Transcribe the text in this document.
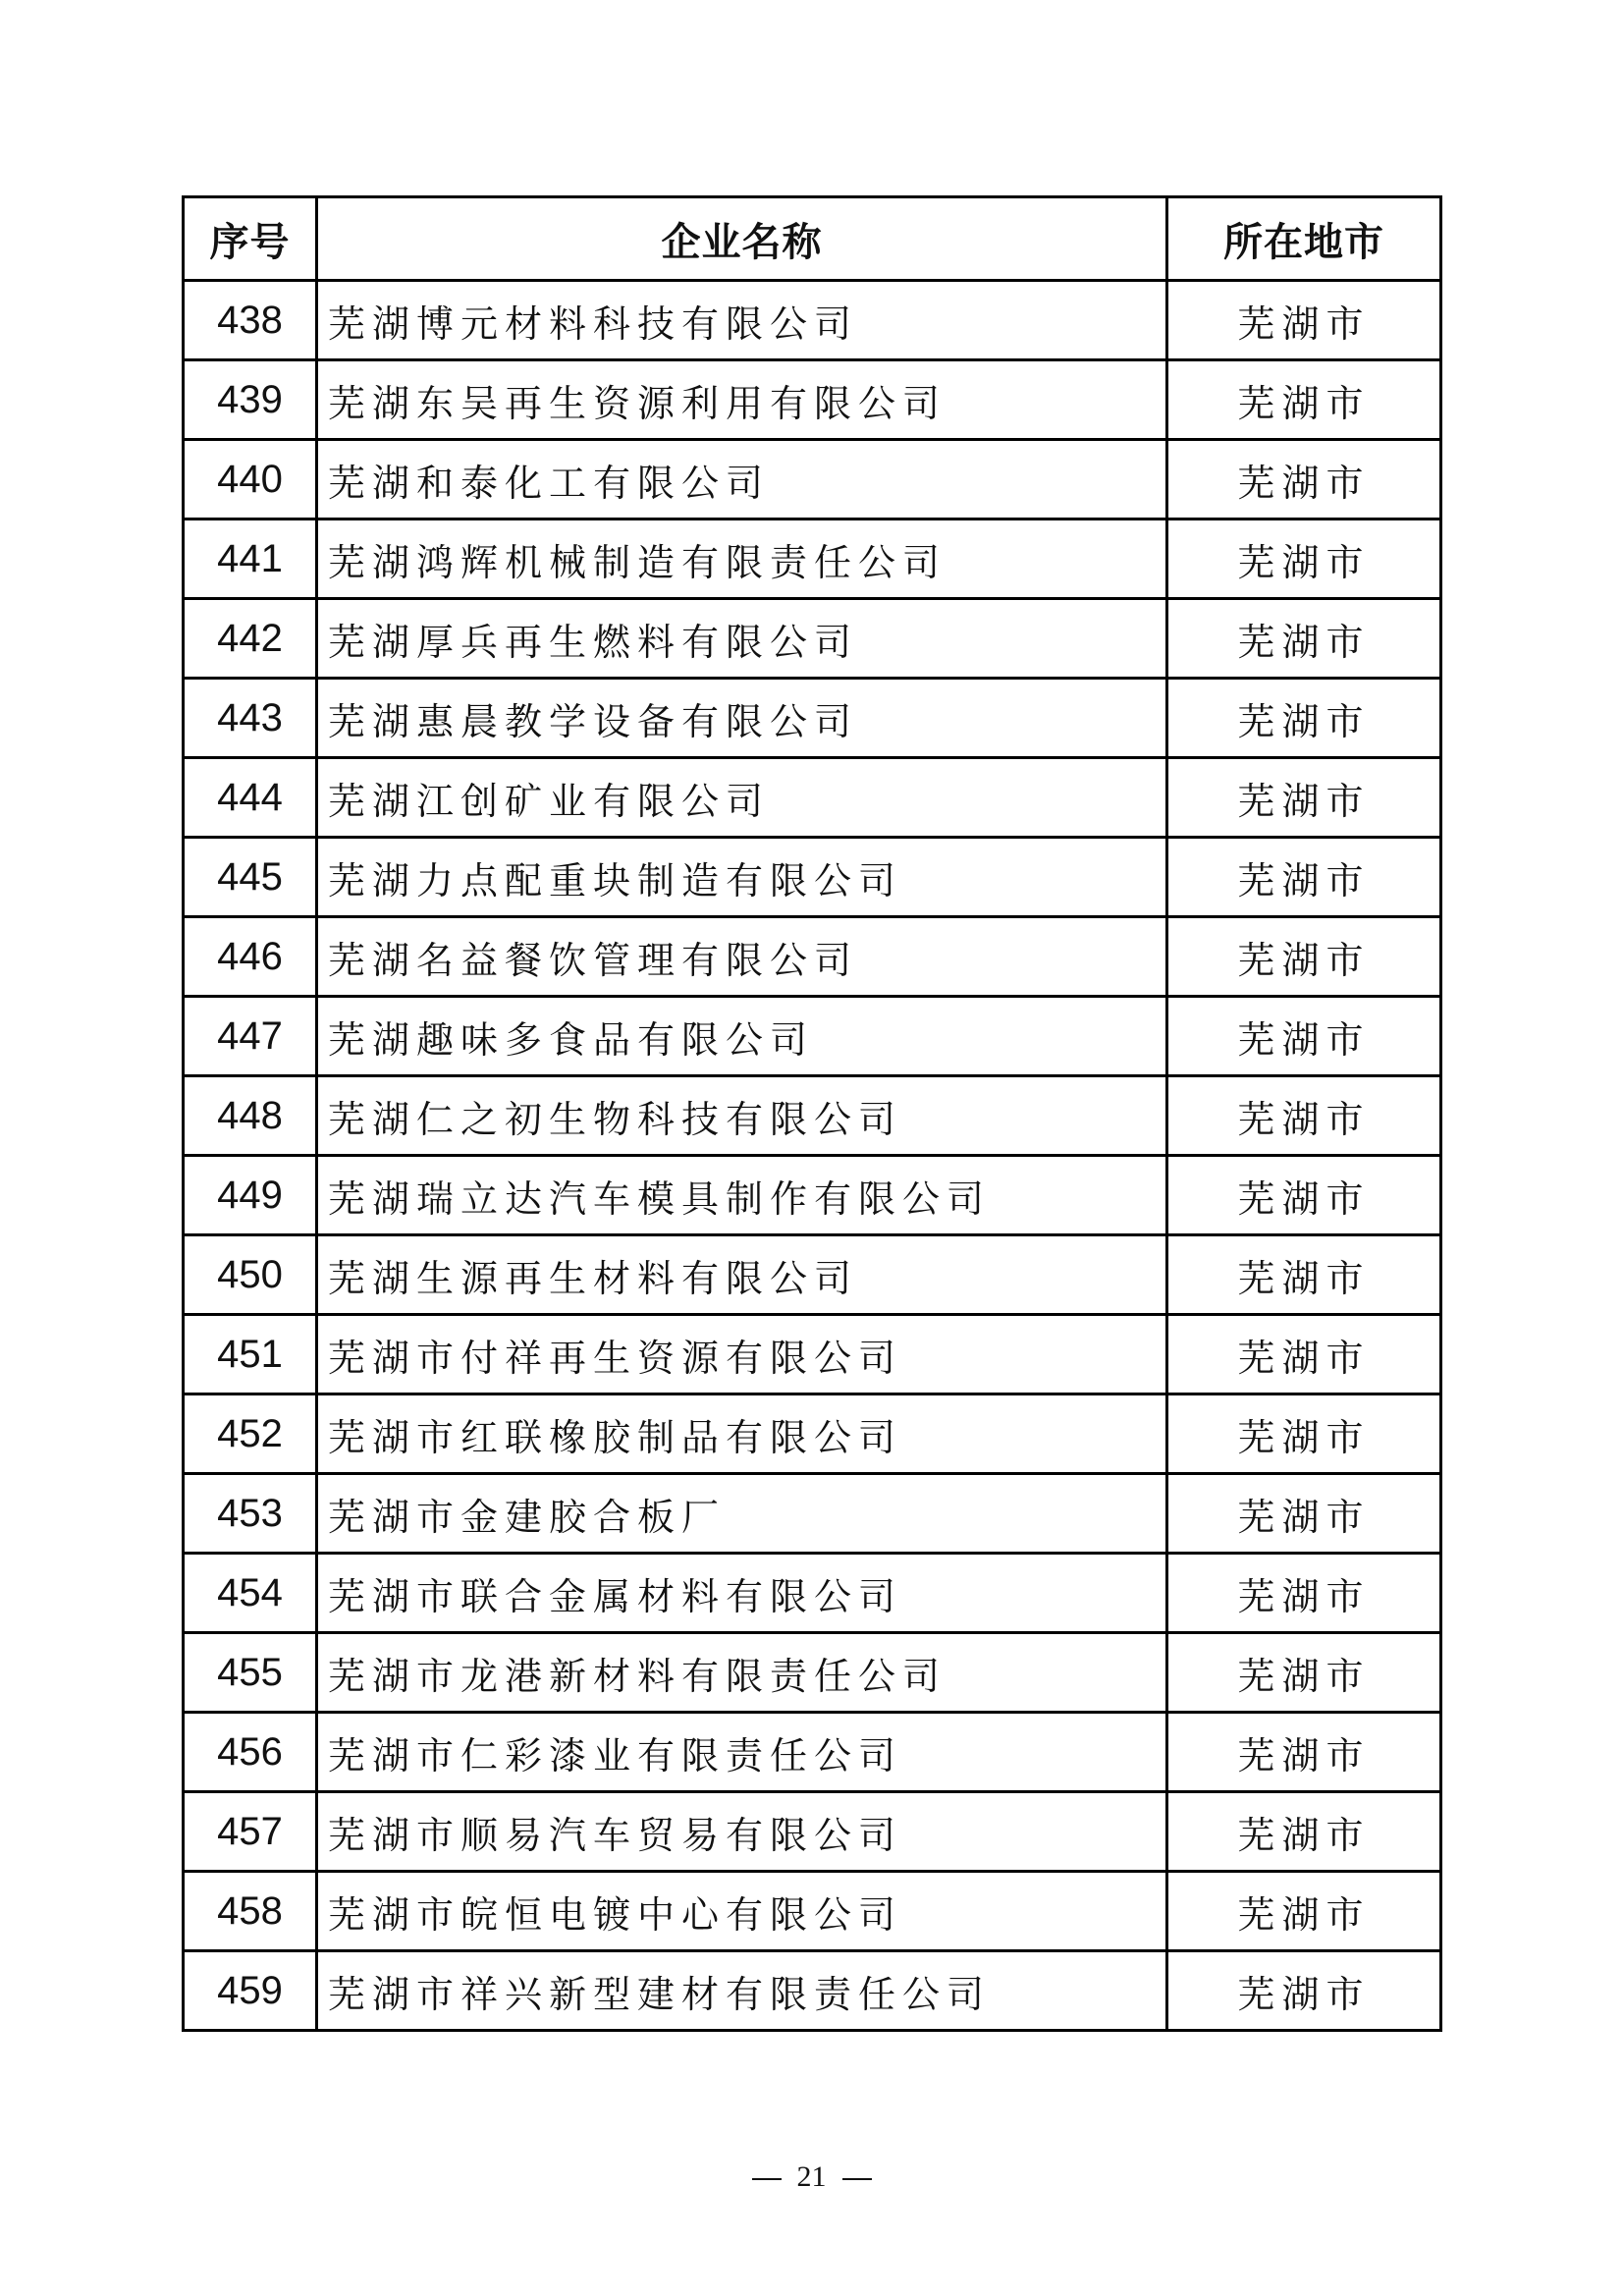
序号	企业名称	所在地市
438	芜湖博元材料科技有限公司	芜湖市
439	芜湖东吴再生资源利用有限公司	芜湖市
440	芜湖和泰化工有限公司	芜湖市
441	芜湖鸿辉机械制造有限责任公司	芜湖市
442	芜湖厚兵再生燃料有限公司	芜湖市
443	芜湖惠晨教学设备有限公司	芜湖市
444	芜湖江创矿业有限公司	芜湖市
445	芜湖力点配重块制造有限公司	芜湖市
446	芜湖名益餐饮管理有限公司	芜湖市
447	芜湖趣味多食品有限公司	芜湖市
448	芜湖仁之初生物科技有限公司	芜湖市
449	芜湖瑞立达汽车模具制作有限公司	芜湖市
450	芜湖生源再生材料有限公司	芜湖市
451	芜湖市付祥再生资源有限公司	芜湖市
452	芜湖市红联橡胶制品有限公司	芜湖市
453	芜湖市金建胶合板厂	芜湖市
454	芜湖市联合金属材料有限公司	芜湖市
455	芜湖市龙港新材料有限责任公司	芜湖市
456	芜湖市仁彩漆业有限责任公司	芜湖市
457	芜湖市顺易汽车贸易有限公司	芜湖市
458	芜湖市皖恒电镀中心有限公司	芜湖市
459	芜湖市祥兴新型建材有限责任公司	芜湖市
21
